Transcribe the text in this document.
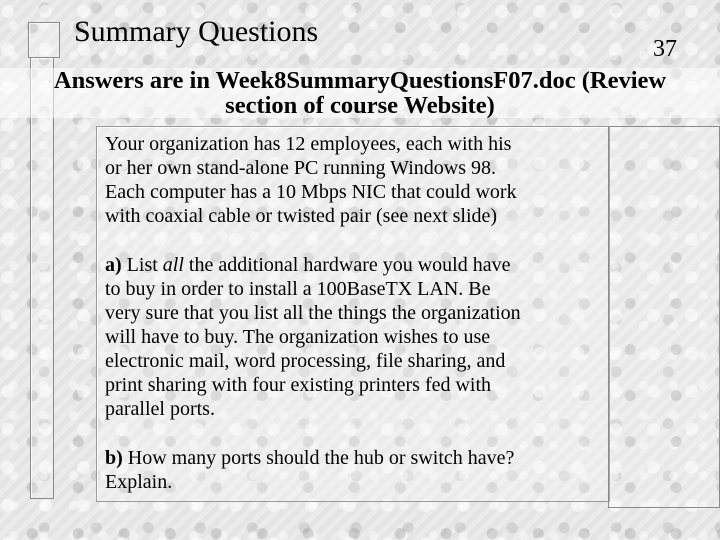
Summary Questions
37
Answers are in Week8SummaryQuestionsF07.doc (Review
section of course Website)
Your organization has 12 employees, each with his
or her own stand-alone PC running Windows 98.
Each computer has a 10 Mbps NIC that could work
with coaxial cable or twisted pair (see next slide)
a) List all the additional hardware you would have
to buy in order to install a 100BaseTX LAN. Be
very sure that you list all the things the organization
will have to buy. The organization wishes to use
electronic mail, word processing, file sharing, and
print sharing with four existing printers fed with
parallel ports.
b) How many ports should the hub or switch have?
Explain.
